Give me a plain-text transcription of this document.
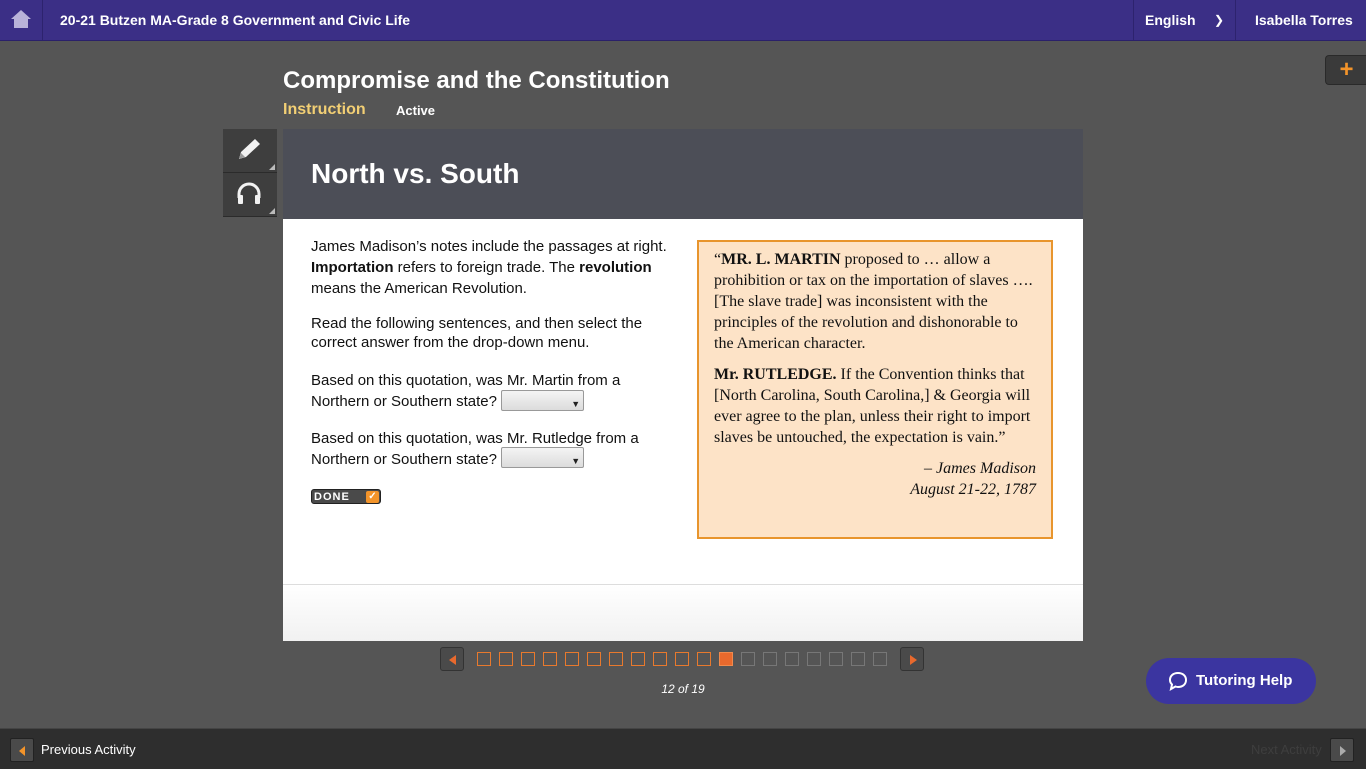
20-21 Butzen MA-Grade 8 Government and Civic Life	English ❯ Isabella Torres
+
Compromise and the Constitution
Instruction Active
North vs. South

James Madison’s notes include the passages at right. Importation refers to foreign trade. The revolution means the American Revolution.

Read the following sentences, and then select the correct answer from the drop-down menu.

Based on this quotation, was Mr. Martin from a Northern or Southern state?	▼

Based on this quotation, was Mr. Rutledge from a Northern or Southern state?	▼

DONE ✓

“MR. L. MARTIN proposed to … allow a prohibition or tax on the importation of slaves …. [The slave trade] was inconsistent with the principles of the revolution and dishonorable to the American character.

Mr. RUTLEDGE. If the Convention thinks that [North Carolina, South Carolina,] & Georgia will ever agree to the plan, unless their right to import slaves be untouched, the expectation is vain.”

– James Madison

August 21-22, 1787

12 of 19	Tutoring Help
Previous Activity	Next Activity
